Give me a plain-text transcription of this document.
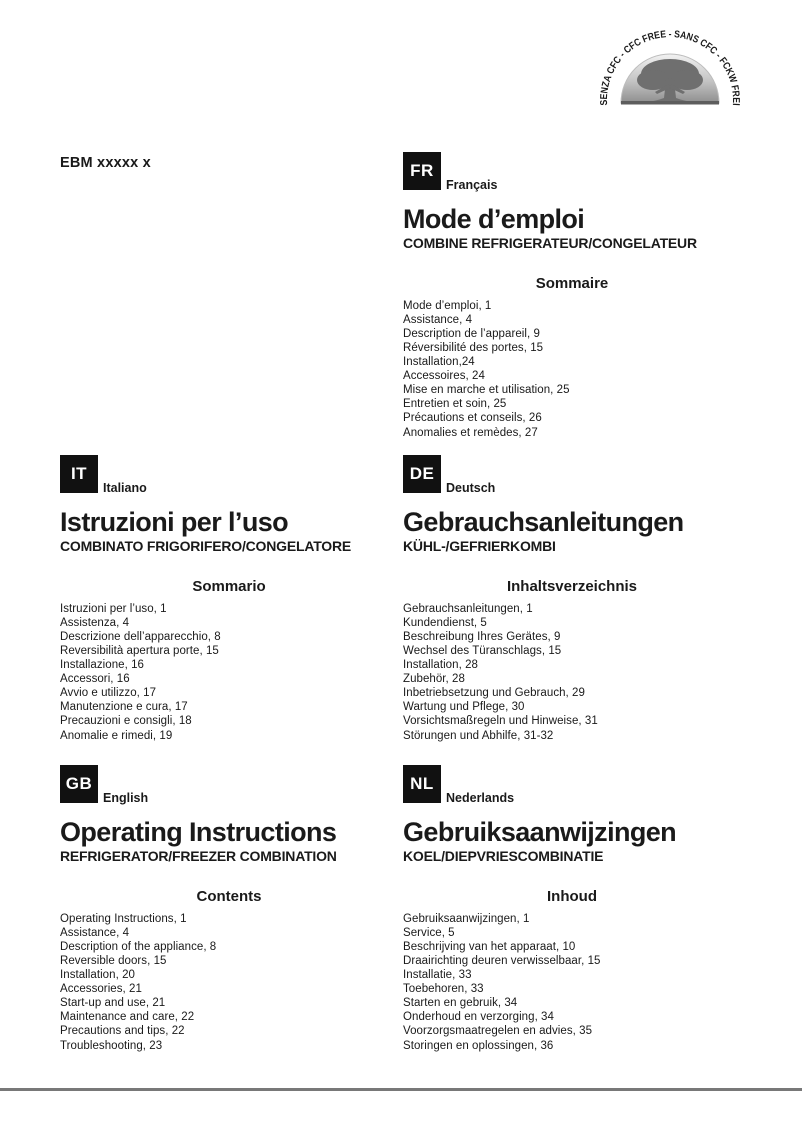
SENZA CFC - CFC FREE - SANS CFC - FCKW FREI
EBM xxxxx x	FR
Français
Mode d’emploi
COMBINE REFRIGERATEUR/CONGELATEUR
Sommaire
Mode d’emploi, 1
Assistance, 4
Description de l’appareil, 9
Réversibilité des portes, 15
Installation,24
Accessoires, 24
Mise en marche et utilisation, 25
Entretien et soin, 25
Précautions et conseils, 26
Anomalies et remèdes, 27
IT
Italiano
Istruzioni per l’uso
COMBINATO FRIGORIFERO/CONGELATORE
Sommario
Istruzioni per l’uso, 1
Assistenza, 4
Descrizione dell’apparecchio, 8
Reversibilità apertura porte, 15
Installazione, 16
Accessori, 16
Avvio e utilizzo, 17
Manutenzione e cura, 17
Precauzioni e consigli, 18
Anomalie e rimedi, 19
DE
Deutsch
Gebrauchsanleitungen
KÜHL-/GEFRIERKOMBI
Inhaltsverzeichnis
Gebrauchsanleitungen, 1
Kundendienst, 5
Beschreibung Ihres Gerätes, 9
Wechsel des Türanschlags, 15
Installation, 28
Zubehör, 28
Inbetriebsetzung und Gebrauch, 29
Wartung und Pflege, 30
Vorsichtsmaßregeln und Hinweise, 31
Störungen und Abhilfe, 31-32
GB
English
Operating Instructions
REFRIGERATOR/FREEZER COMBINATION
Contents
Operating Instructions, 1
Assistance, 4
Description of the appliance, 8
Reversible doors, 15
Installation, 20
Accessories, 21
Start-up and use, 21
Maintenance and care, 22
Precautions and tips, 22
Troubleshooting, 23
NL
Nederlands
Gebruiksaanwijzingen
KOEL/DIEPVRIESCOMBINATIE
Inhoud
Gebruiksaanwijzingen, 1
Service, 5
Beschrijving van het apparaat, 10
Draairichting deuren verwisselbaar, 15
Installatie, 33
Toebehoren, 33
Starten en gebruik, 34
Onderhoud en verzorging, 34
Voorzorgsmaatregelen en advies, 35
Storingen en oplossingen, 36
